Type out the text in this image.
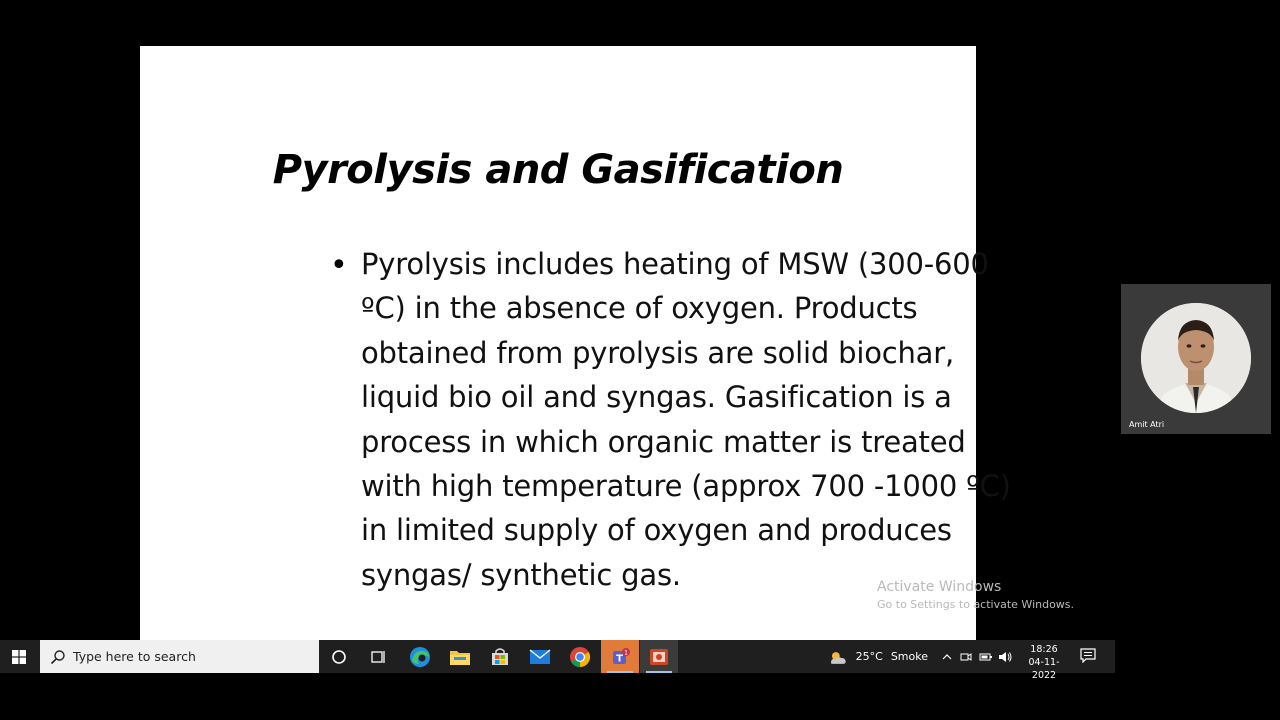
Pyrolysis and Gasification
• Pyrolysis includes heating of MSW (300-600
ºC) in the absence of oxygen. Products
obtained from pyrolysis are solid biochar,
liquid bio oil and syngas. Gasification is a
process in which organic matter is treated
with high temperature (approx 700 -1000 ºC)
in limited supply of oxygen and produces
syngas/ synthetic gas.	Activate Windows
Go to Settings to activate Windows.
Amit Atri
Type here to search	T
1	25°C Smoke
18:26
04-11-2022
